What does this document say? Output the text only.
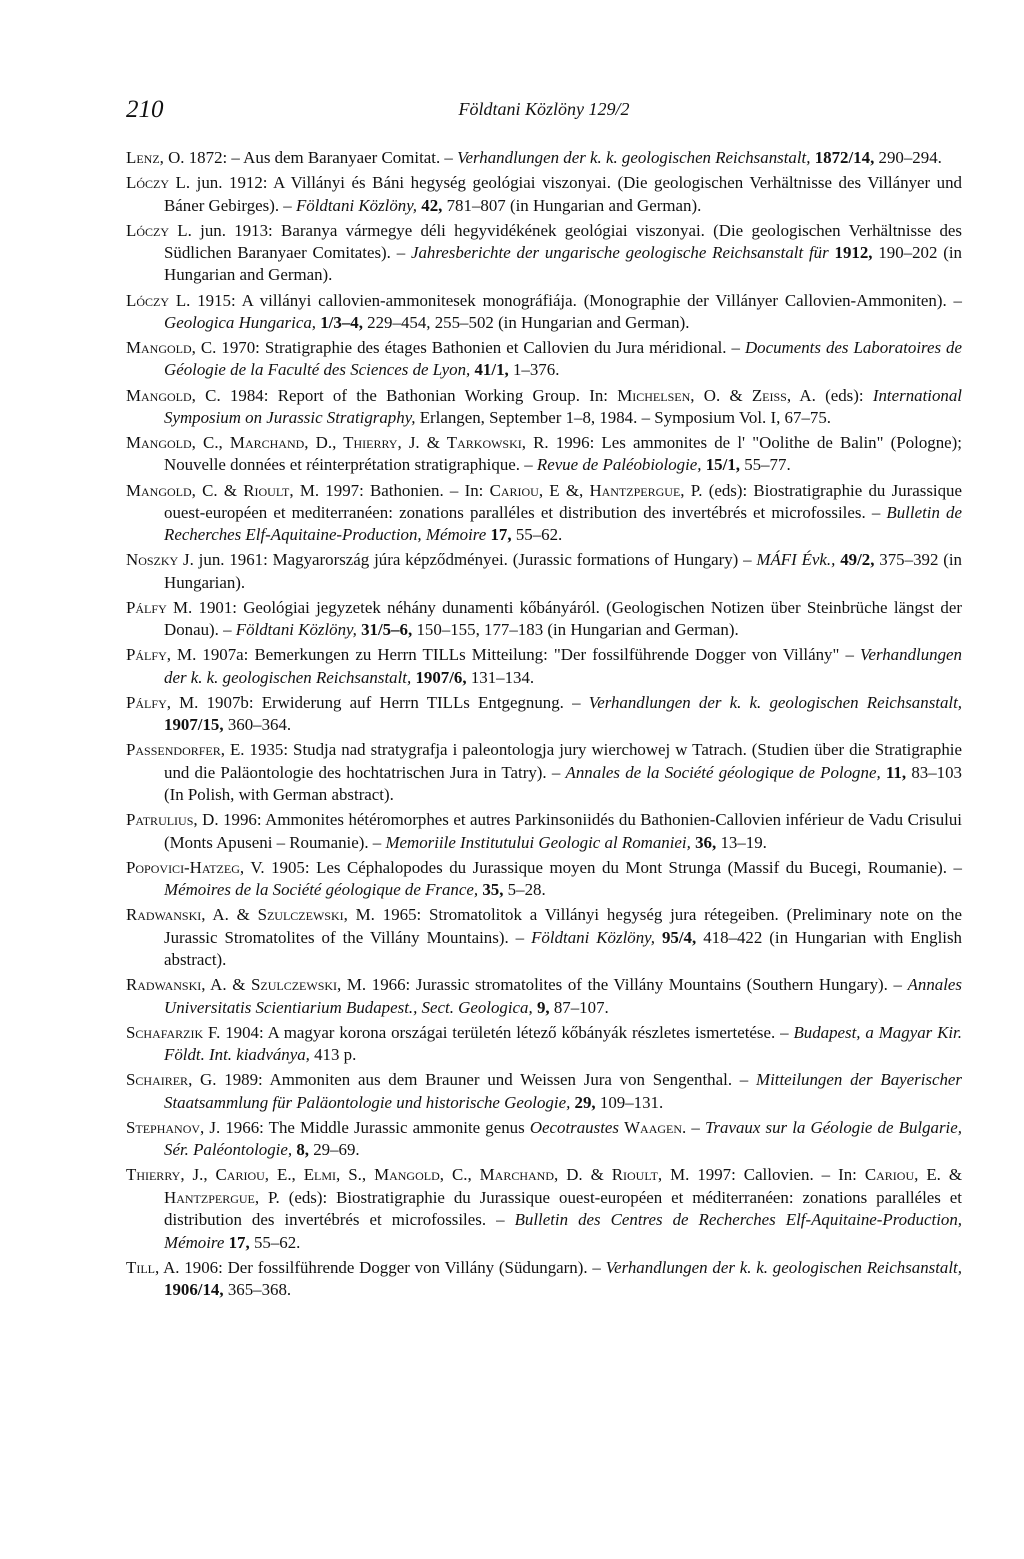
210	Földtani Közlöny 129/2

Lenz, O. 1872: – Aus dem Baranyaer Comitat. – Verhandlungen der k. k. geologischen Reichsanstalt, 1872/14, 290–294.

Lóczy L. jun. 1912: A Villányi és Báni hegység geológiai viszonyai. (Die geologischen Verhältnisse des Villányer und Báner Gebirges). – Földtani Közlöny, 42, 781–807 (in Hungarian and German).

Lóczy L. jun. 1913: Baranya vármegye déli hegyvidékének geológiai viszonyai. (Die geologischen Verhältnisse des Südlichen Baranyaer Comitates). – Jahresberichte der ungarische geologische Reichsanstalt für 1912, 190–202 (in Hungarian and German).

Lóczy L. 1915: A villányi callovien-ammonitesek monográfiája. (Monographie der Villányer Callovien-Ammoniten). – Geologica Hungarica, 1/3–4, 229–454, 255–502 (in Hungarian and German).

Mangold, C. 1970: Stratigraphie des étages Bathonien et Callovien du Jura méridional. – Documents des Laboratoires de Géologie de la Faculté des Sciences de Lyon, 41/1, 1–376.

Mangold, C. 1984: Report of the Bathonian Working Group. In: Michelsen, O. & Zeiss, A. (eds): International Symposium on Jurassic Stratigraphy, Erlangen, September 1–8, 1984. – Symposium Vol. I, 67–75.

Mangold, C., Marchand, D., Thierry, J. & Tarkowski, R. 1996: Les ammonites de l' "Oolithe de Balin" (Pologne); Nouvelle données et réinterprétation stratigraphique. – Revue de Paléobiologie, 15/1, 55–77.

Mangold, C. & Rioult, M. 1997: Bathonien. – In: Cariou, E &, Hantzpergue, P. (eds): Biostratigraphie du Jurassique ouest-européen et mediterranéen: zonations paralléles et distribution des invertébrés et microfossiles. – Bulletin de Recherches Elf-Aquitaine-Production, Mémoire 17, 55–62.

Noszky J. jun. 1961: Magyarország júra képződményei. (Jurassic formations of Hungary) – MÁFI Évk., 49/2, 375–392 (in Hungarian).

Pálfy M. 1901: Geológiai jegyzetek néhány dunamenti kőbányáról. (Geologischen Notizen über Steinbrüche längst der Donau). – Földtani Közlöny, 31/5–6, 150–155, 177–183 (in Hungarian and German).

Pálfy, M. 1907a: Bemerkungen zu Herrn TILLs Mitteilung: "Der fossilführende Dogger von Villány" – Verhandlungen der k. k. geologischen Reichsanstalt, 1907/6, 131–134.

Pálfy, M. 1907b: Erwiderung auf Herrn TILLs Entgegnung. – Verhandlungen der k. k. geologischen Reichsanstalt, 1907/15, 360–364.

Passendorfer, E. 1935: Studja nad stratygrafja i paleontologja jury wierchowej w Tatrach. (Studien über die Stratigraphie und die Paläontologie des hochtatrischen Jura in Tatry). – Annales de la Société géologique de Pologne, 11, 83–103 (In Polish, with German abstract).

Patrulius, D. 1996: Ammonites hétéromorphes et autres Parkinsoniidés du Bathonien-Callovien inférieur de Vadu Crisului (Monts Apuseni – Roumanie). – Memoriile Institutului Geologic al Romaniei, 36, 13–19.

Popovici-Hatzeg, V. 1905: Les Céphalopodes du Jurassique moyen du Mont Strunga (Massif du Bucegi, Roumanie). – Mémoires de la Société géologique de France, 35, 5–28.

Radwanski, A. & Szulczewski, M. 1965: Stromatolitok a Villányi hegység jura rétegeiben. (Preliminary note on the Jurassic Stromatolites of the Villány Mountains). – Földtani Közlöny, 95/4, 418–422 (in Hungarian with English abstract).

Radwanski, A. & Szulczewski, M. 1966: Jurassic stromatolites of the Villány Mountains (Southern Hungary). – Annales Universitatis Scientiarium Budapest., Sect. Geologica, 9, 87–107.

Schafarzik F. 1904: A magyar korona országai területén létező kőbányák részletes ismertetése. – Budapest, a Magyar Kir. Földt. Int. kiadványa, 413 p.

Schairer, G. 1989: Ammoniten aus dem Brauner und Weissen Jura von Sengenthal. – Mitteilungen der Bayerischer Staatsammlung für Paläontologie und historische Geologie, 29, 109–131.

Stephanov, J. 1966: The Middle Jurassic ammonite genus Oecotraustes Waagen. – Travaux sur la Géologie de Bulgarie, Sér. Paléontologie, 8, 29–69.

Thierry, J., Cariou, E., Elmi, S., Mangold, C., Marchand, D. & Rioult, M. 1997: Callovien. – In: Cariou, E. & Hantzpergue, P. (eds): Biostratigraphie du Jurassique ouest-européen et méditerranéen: zonations paralléles et distribution des invertébrés et microfossiles. – Bulletin des Centres de Recherches Elf-Aquitaine-Production, Mémoire 17, 55–62.

Till, A. 1906: Der fossilführende Dogger von Villány (Südungarn). – Verhandlungen der k. k. geologischen Reichsanstalt, 1906/14, 365–368.
